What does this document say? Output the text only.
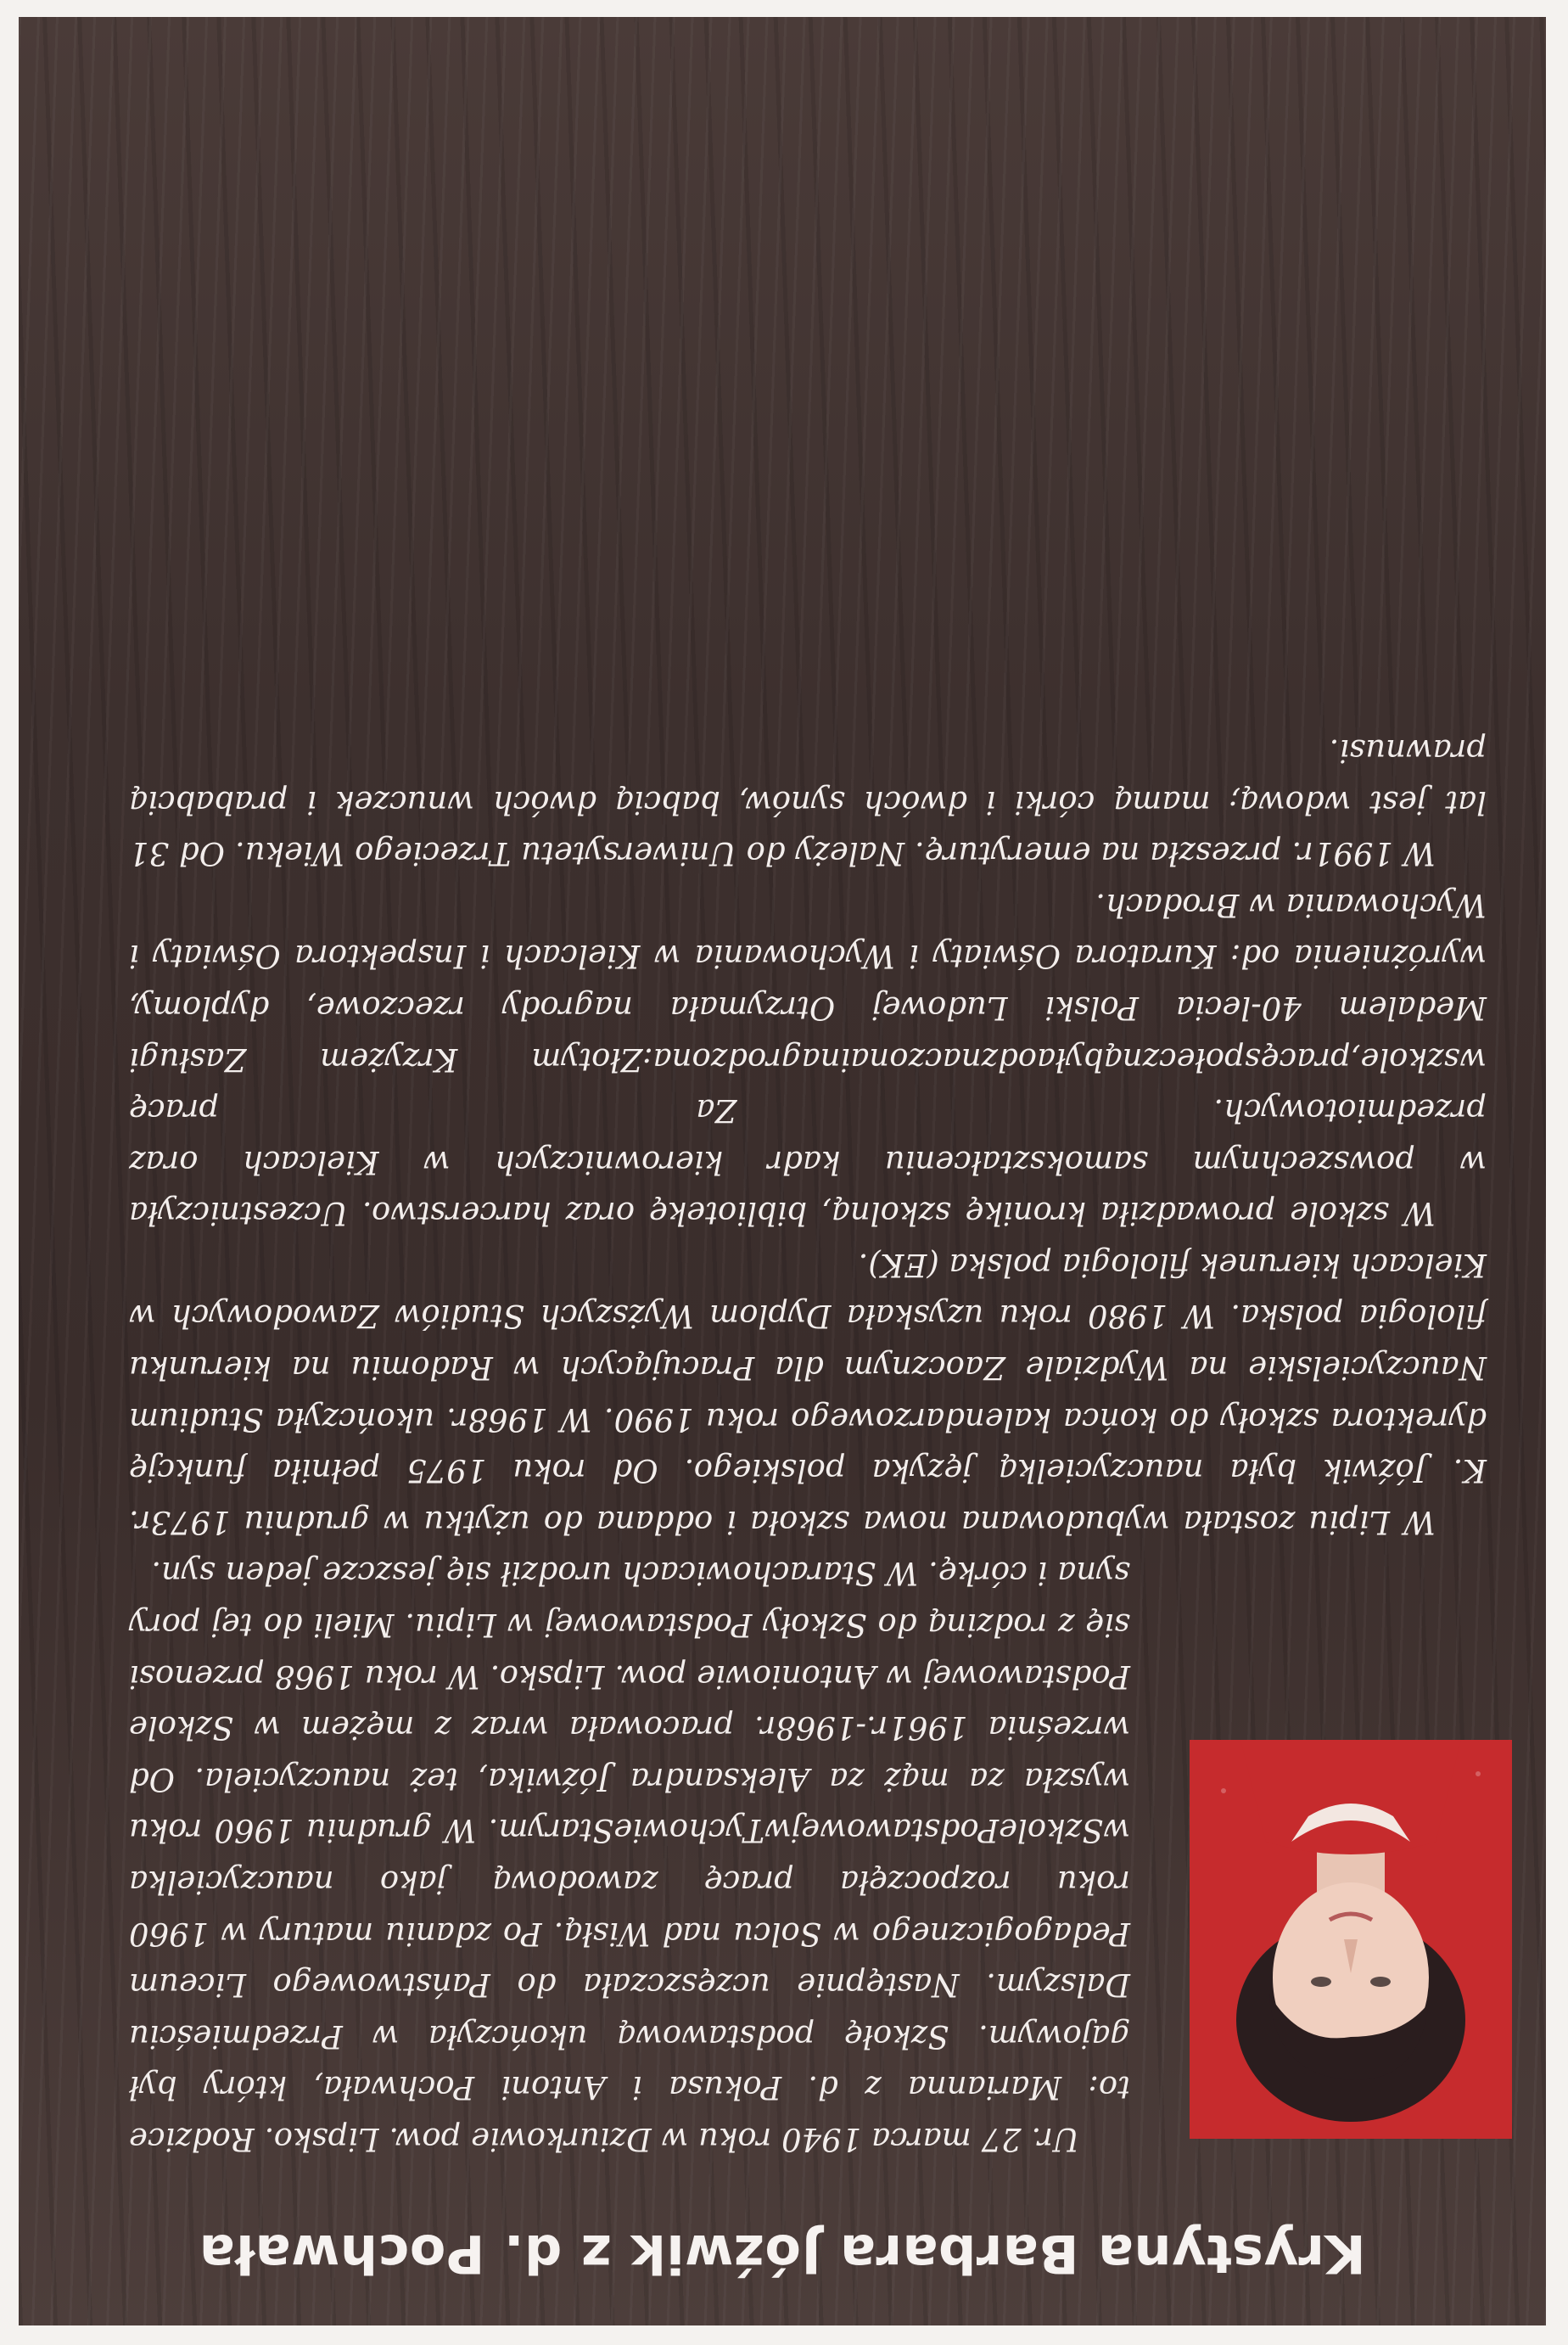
Krystyna Barbara Jóźwik z d. Pochwała

Ur. 27 marca 1940 roku w Dziurkowie pow. Lipsko. Rodzice to: Marianna z d. Pokusa i Antoni Pochwała, który był gajowym. Szkołę podstawową ukończyła w Przedmieściu Dalszym. Następnie uczęszczała do Państwowego Liceum Pedagogicznego w Solcu nad Wisłą. Po zdaniu matury w 1960 roku rozpoczęła pracę zawodową jako nauczycielka wSzkolePodstawowejwTychowieStarym. W grudniu 1960 roku wyszła za mąż za Aleksandra Jóźwika, też nauczyciela. Od września 1961r.-1968r. pracowała wraz z mężem w Szkole Podstawowej w Antoniowie pow. Lipsko. W roku 1968 przenosi się z rodziną do Szkoły Podstawowej w Lipiu. Mieli do tej pory syna i córkę. W Starachowicach urodził się jeszcze jeden syn.

W Lipiu została wybudowana nowa szkoła i oddana do użytku w grudniu 1973r. K. Jóźwik była nauczycielką języka polskiego. Od roku 1975 pełniła funkcję dyrektora szkoły do końca kalendarzowego roku 1990. W 1968r. ukończyła Studium Nauczycielskie na Wydziale Zaocznym dla Pracujących w Radomiu na kierunku filologia polska. W 1980 roku uzyskała Dyplom Wyższych Studiów Zawodowych w Kielcach kierunek filologia polska (EK).

W szkole prowadziła kronikę szkolną, bibliotekę oraz harcerstwo. Uczestniczyła w powszechnym samokształceniu kadr kierowniczych w Kielcach oraz przedmiotowych. Za pracę wszkole,pracęspołecznąbyłaodznaczonainagrodzona:Złotym Krzyżem Zasługi Medalem 40-lecia Polski Ludowej Otrzymała nagrody rzeczowe, dyplomy, wyróżnienia od: Kuratora Oświaty i Wychowania w Kielcach i Inspektora Oświaty i Wychowania w Brodach.

W 1991r. przeszła na emeryturę. Należy do Uniwersytetu Trzeciego Wieku. Od 31 lat jest wdową; mamą córki i dwóch synów, babcią dwóch wnuczek i prababcią prawnusi.
